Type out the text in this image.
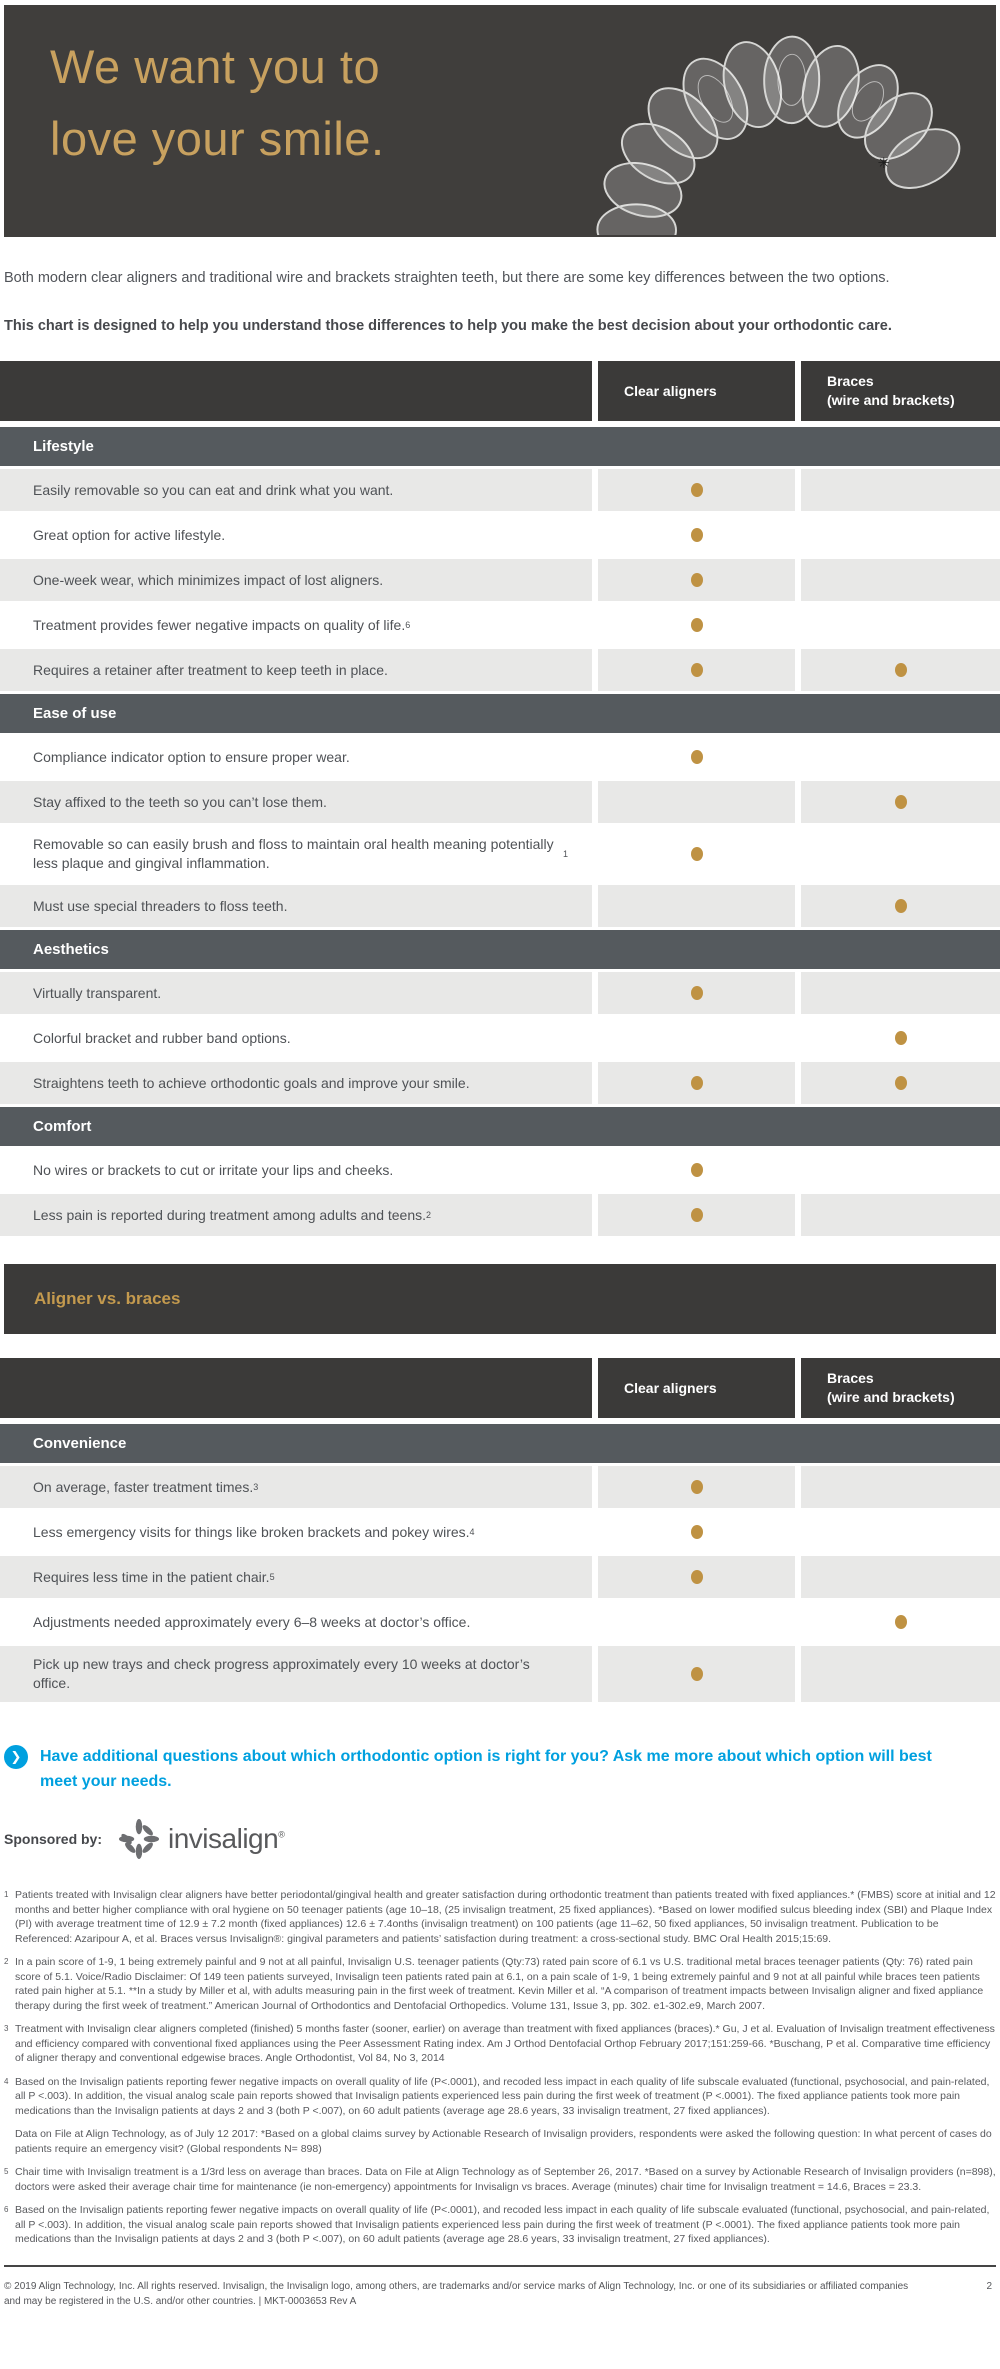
We want you to
love your smile.	✳

Both modern clear aligners and traditional wire and brackets straighten teeth, but there are some key differences between the two options.

This chart is designed to help you understand those differences to help you make the best decision about your orthodontic care.

Clear aligners
Braces
(wire and brackets)
Lifestyle
Easily removable so you can eat and drink what you want.
Great option for active lifestyle.
One-week wear, which minimizes impact of lost aligners.
Treatment provides fewer negative impacts on quality of life. 6
Requires a retainer after treatment to keep teeth in place.
Ease of use
Compliance indicator option to ensure proper wear.
Stay affixed to the teeth so you can’t lose them.
Removable so can easily brush and floss to maintain oral health meaning potentially less plaque and gingival inflammation.
1
Must use special threaders to floss teeth.
Aesthetics
Virtually transparent.
Colorful bracket and rubber band options.
Straightens teeth to achieve orthodontic goals and improve your smile.
Comfort
No wires or brackets to cut or irritate your lips and cheeks.
Less pain is reported during treatment among adults and teens. 2
Aligner vs. braces
Clear aligners
Braces
(wire and brackets)
Convenience
On average, faster treatment times. 3
Less emergency visits for things like broken brackets and pokey wires. 4
Requires less time in the patient chair. 5
Adjustments needed approximately every 6–8 weeks at doctor’s office.
Pick up new trays and check progress approximately every 10 weeks at doctor’s office.
❯	Have additional questions about which orthodontic option is right for you? Ask me more about which option will best meet your needs.

Sponsored by: invisalign®
1 Patients treated with Invisalign clear aligners have better periodontal/gingival health and greater satisfaction during orthodontic treatment than patients treated with fixed appliances.* (FMBS) score at initial and 12 months and better higher compliance with oral hygiene on 50 teenager patients (age 10–18, (25 invisalign treatment, 25 fixed appliances). *Based on lower modified sulcus bleeding index (SBI) and Plaque Index (PI) with average treatment time of 12.9 ± 7.2 month (fixed appliances) 12.6 ± 7.4onths (invisalign treatment) on 100 patients (age 11–62, 50 fixed appliances, 50 invisalign treatment. Publication to be Referenced: Azaripour A, et al. Braces versus Invisalign®: gingival parameters and patients’ satisfaction during treatment: a cross-sectional study. BMC Oral Health 2015;15:69.

2 In a pain score of 1-9, 1 being extremely painful and 9 not at all painful, Invisalign U.S. teenager patients (Qty:73) rated pain score of 6.1 vs U.S. traditional metal braces teenager patients (Qty: 76) rated pain score of 5.1. Voice/Radio Disclaimer: Of 149 teen patients surveyed, Invisalign teen patients rated pain at 6.1, on a pain scale of 1-9, 1 being extremely painful and 9 not at all painful while braces teen patients rated pain higher at 5.1. **In a study by Miller et al, with adults measuring pain in the first week of treatment. Kevin Miller et al. “A comparison of treatment impacts between Invisalign aligner and fixed appliance therapy during the first week of treatment.” American Journal of Orthodontics and Dentofacial Orthopedics. Volume 131, Issue 3, pp. 302. e1-302.e9, March 2007.

3 Treatment with Invisalign clear aligners completed (finished) 5 months faster (sooner, earlier) on average than treatment with fixed appliances (braces).* Gu, J et al. Evaluation of Invisalign treatment effectiveness and efficiency compared with conventional fixed appliances using the Peer Assessment Rating index. Am J Orthod Dentofacial Orthop February 2017;151:259-66. *Buschang, P et al. Comparative time efficiency of aligner therapy and conventional edgewise braces. Angle Orthodontist, Vol 84, No 3, 2014

4 Based on the Invisalign patients reporting fewer negative impacts on overall quality of life (P<.0001), and recoded less impact in each quality of life subscale evaluated (functional, psychosocial, and pain-related, all P <.003). In addition, the visual analog scale pain reports showed that Invisalign patients experienced less pain during the first week of treatment (P <.0001). The fixed appliance patients took more pain medications than the Invisalign patients at days 2 and 3 (both P <.007), on 60 adult patients (average age 28.6 years, 33 invisalign treatment, 27 fixed appliances).

Data on File at Align Technology, as of July 12 2017: *Based on a global claims survey by Actionable Research of Invisalign providers, respondents were asked the following question: In what percent of cases do patients require an emergency visit? (Global respondents N= 898)

5 Chair time with Invisalign treatment is a 1/3rd less on average than braces. Data on File at Align Technology as of September 26, 2017. *Based on a survey by Actionable Research of Invisalign providers (n=898), doctors were asked their average chair time for maintenance (ie non-emergency) appointments for Invisalign vs braces. Average (minutes) chair time for Invisalign treatment = 14.6, Braces = 23.3.

6 Based on the Invisalign patients reporting fewer negative impacts on overall quality of life (P<.0001), and recoded less impact in each quality of life subscale evaluated (functional, psychosocial, and pain-related, all P <.003). In addition, the visual analog scale pain reports showed that Invisalign patients experienced less pain during the first week of treatment (P <.0001). The fixed appliance patients took more pain medications than the Invisalign patients at days 2 and 3 (both P <.007), on 60 adult patients (average age 28.6 years, 33 invisalign treatment, 27 fixed appliances).

© 2019 Align Technology, Inc. All rights reserved. Invisalign, the Invisalign logo, among others, are trademarks and/or service marks of Align Technology, Inc. or one of its subsidiaries or affiliated companies and may be registered in the U.S. and/or other countries. | MKT-0003653 Rev A

2
